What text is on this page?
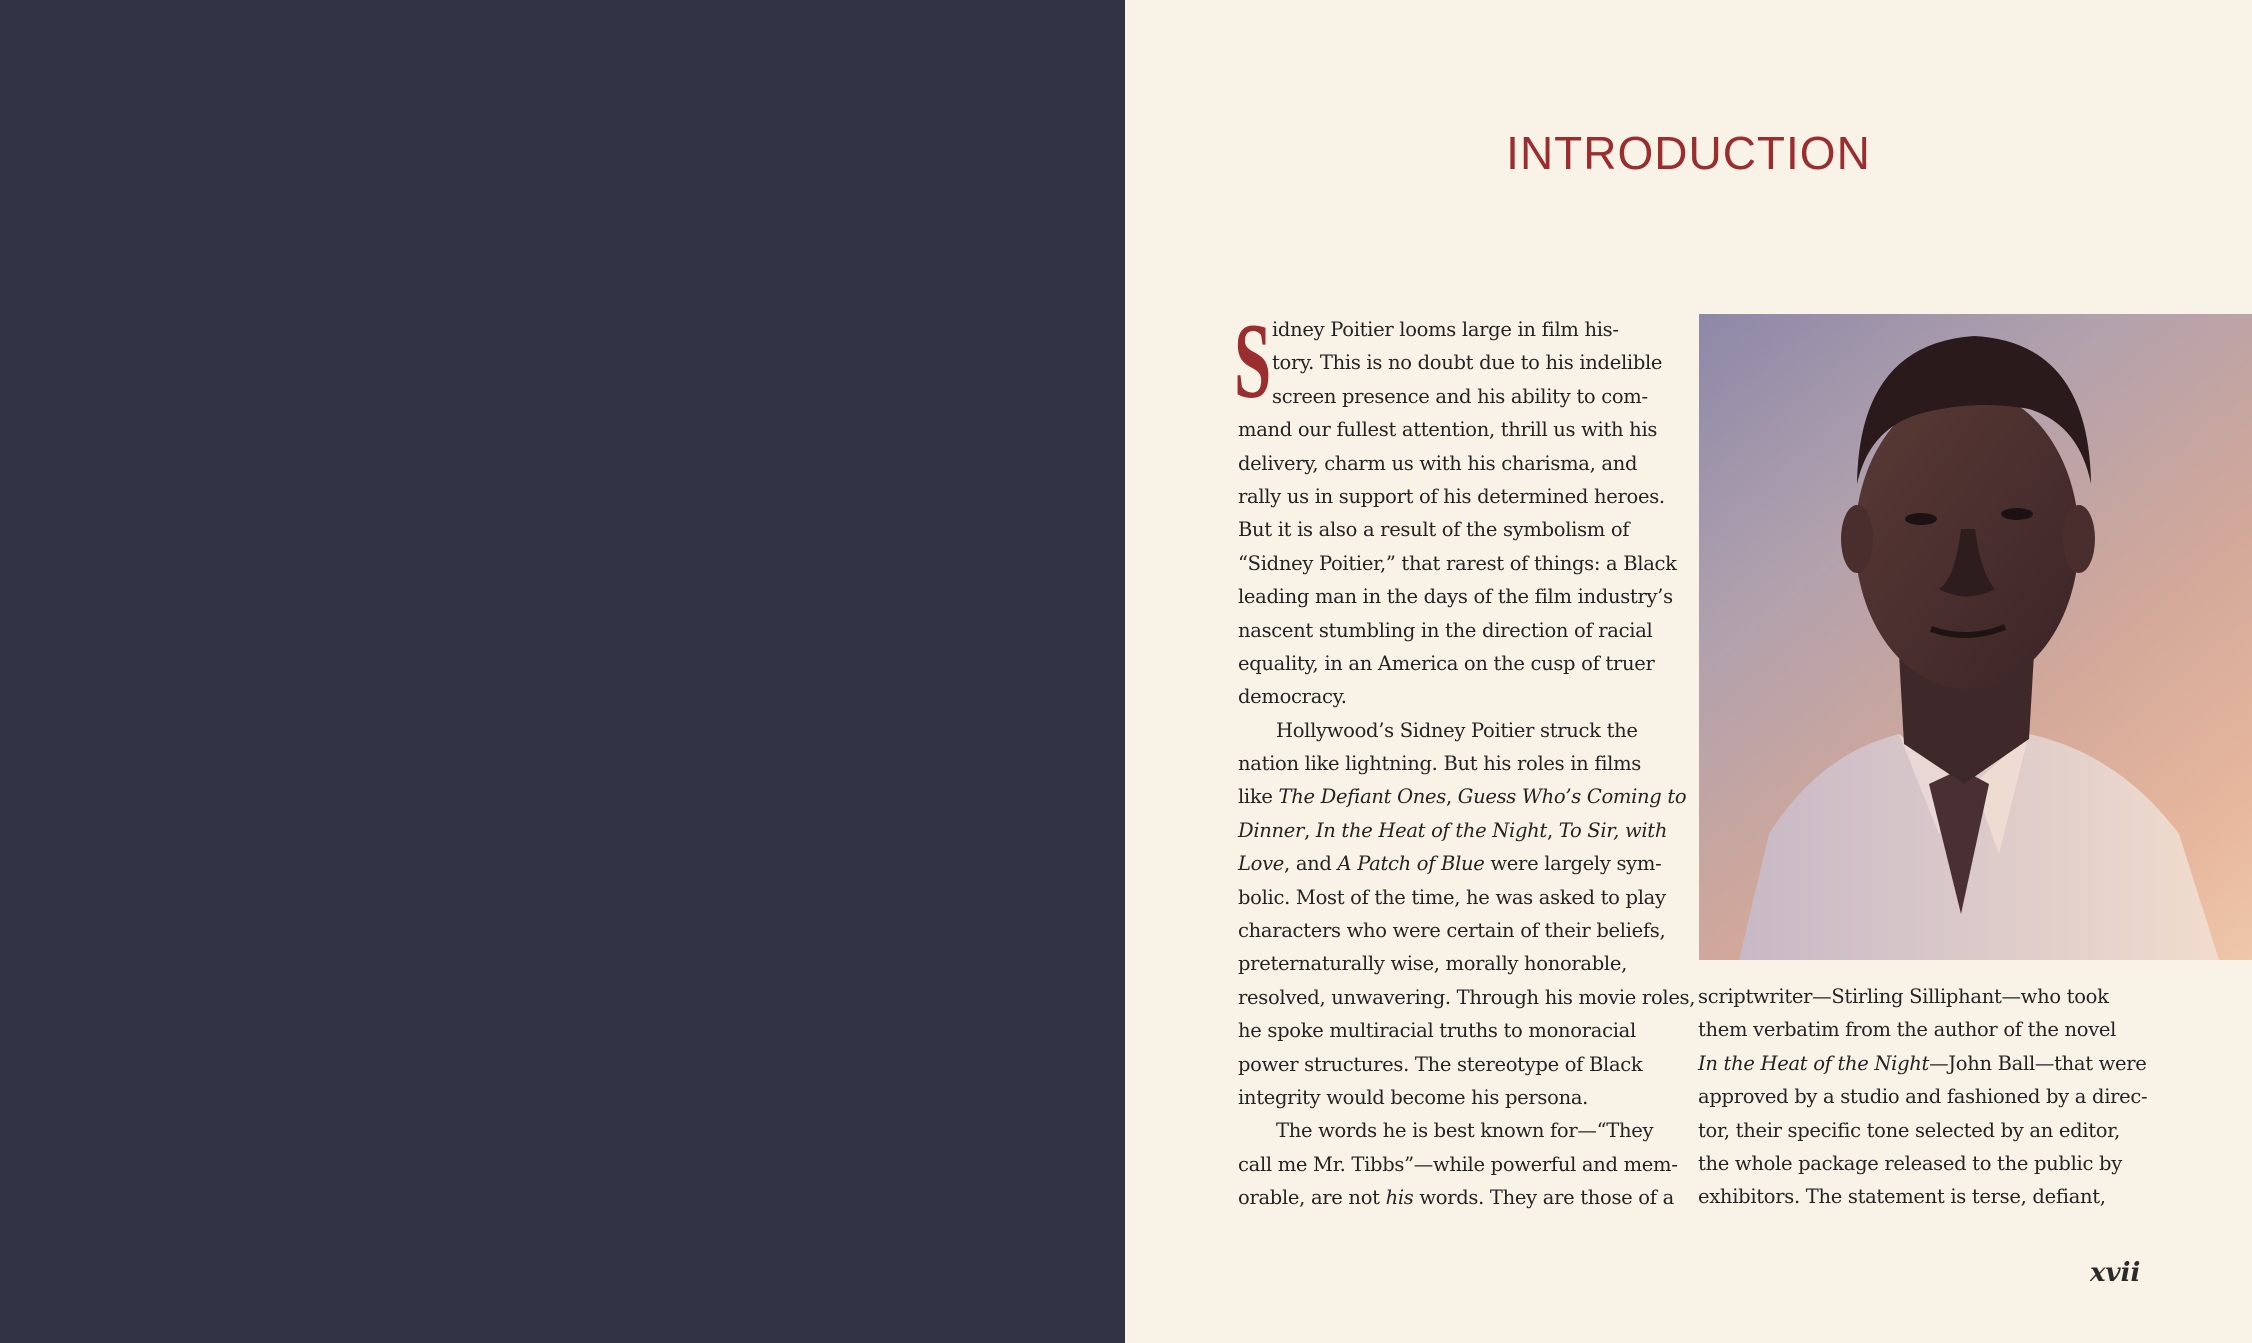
INTRODUCTION
S idney Poitier looms large in film his-
tory. This is no doubt due to his indelible
screen presence and his ability to com-
mand our fullest attention, thrill us with his
delivery, charm us with his charisma, and
rally us in support of his determined heroes.
But it is also a result of the symbolism of
“Sidney Poitier,” that rarest of things: a Black
leading man in the days of the film industry’s
nascent stumbling in the direction of racial
equality, in an America on the cusp of truer
democracy.
Hollywood’s Sidney Poitier struck the
nation like lightning. But his roles in films
like The Defiant Ones, Guess Who’s Coming to
Dinner, In the Heat of the Night, To Sir, with
Love, and A Patch of Blue were largely sym-
bolic. Most of the time, he was asked to play
characters who were certain of their beliefs,
preternaturally wise, morally honorable,
resolved, unwavering. Through his movie roles,
he spoke multiracial truths to monoracial
power structures. The stereotype of Black
integrity would become his persona.
The words he is best known for—“They
call me Mr. Tibbs”—while powerful and mem-
orable, are not his words. They are those of a
scriptwriter—Stirling Silliphant—who took
them verbatim from the author of the novel
In the Heat of the Night—John Ball—that were
approved by a studio and fashioned by a direc-
tor, their specific tone selected by an editor,
the whole package released to the public by
exhibitors. The statement is terse, defiant,
xvii
